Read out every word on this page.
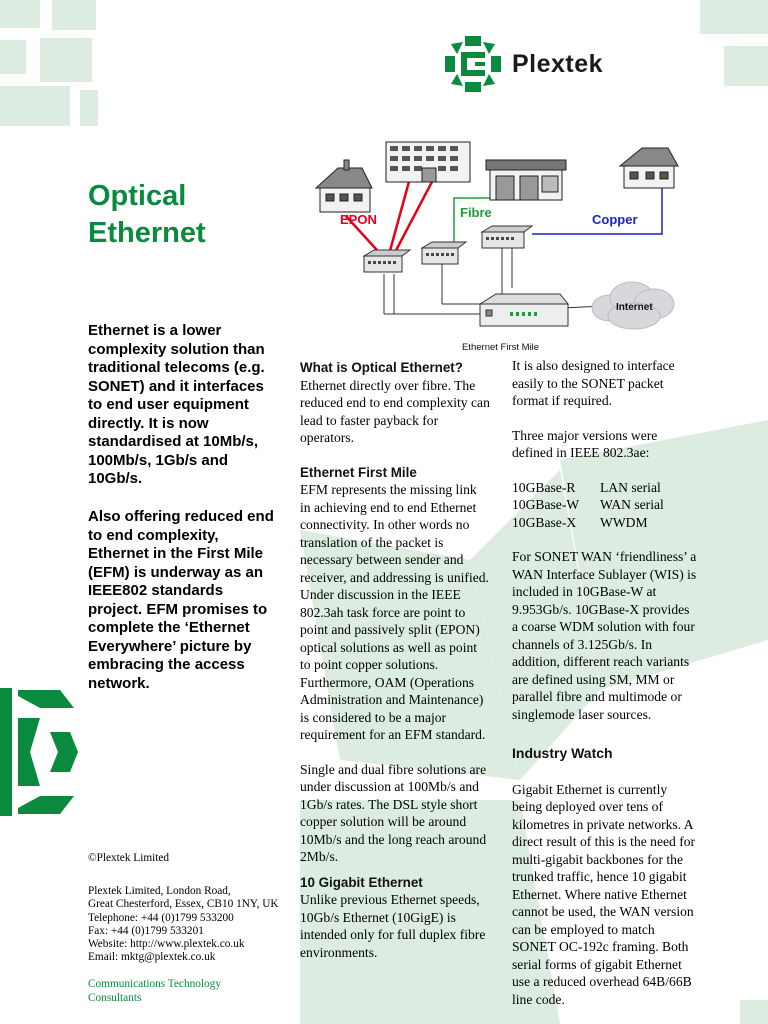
Plextek
Optical
Ethernet
Ethernet is a lower complexity solution than traditional telecoms (e.g. SONET) and it interfaces to end user equipment directly. It is now standardised at 10Mb/s, 100Mb/s, 1Gb/s and 10Gb/s.
Also offering reduced end to end complexity, Ethernet in the First Mile (EFM) is underway as an IEEE802 standards project. EFM promises to complete the ‘Ethernet Everywhere’ picture by embracing the access network.
EPON	Fibre	Copper
Internet
Ethernet First Mile
What is Optical Ethernet?
Ethernet directly over fibre. The reduced end to end complexity can lead to faster payback for operators.
Ethernet First Mile
EFM represents the missing link in achieving end to end Ethernet connectivity. In other words no translation of the packet is necessary between sender and receiver, and addressing is unified. Under discussion in the IEEE 802.3ah task force are point to point and passively split (EPON) optical solutions as well as point to point copper solutions. Furthermore, OAM (Operations Administration and Maintenance) is considered to be a major requirement for an EFM standard.
Single and dual fibre solutions are under discussion at 100Mb/s and 1Gb/s rates. The DSL style short copper solution will be around 10Mb/s and the long reach around 2Mb/s.
10 Gigabit Ethernet
Unlike previous Ethernet speeds, 10Gb/s Ethernet (10GigE) is intended only for full duplex fibre environments.
It is also designed to interface easily to the SONET packet format if required.
Three major versions were defined in IEEE 802.3ae:
10GBase-R	LAN serial
10GBase-W	WAN serial
10GBase-X	WWDM
For SONET WAN ‘friendliness’ a WAN Interface Sublayer (WIS) is included in 10GBase-W at 9.953Gb/s. 10GBase-X provides a coarse WDM solution with four channels of 3.125Gb/s. In addition, different reach variants are defined using SM, MM or parallel fibre and multimode or singlemode laser sources.
Industry Watch
Gigabit Ethernet is currently being deployed over tens of kilometres in private networks. A direct result of this is the need for multi-gigabit backbones for the trunked traffic, hence 10 gigabit Ethernet. Where native Ethernet cannot be used, the WAN version can be employed to match SONET OC-192c framing. Both serial forms of gigabit Ethernet use a reduced overhead 64B/66B line code.
©Plextek Limited
Plextek Limited, London Road,
Great Chesterford, Essex, CB10 1NY, UK
Telephone: +44 (0)1799 533200
Fax: +44 (0)1799 533201
Website: http://www.plextek.co.uk
Email: mktg@plextek.co.uk
Communications Technology
Consultants
